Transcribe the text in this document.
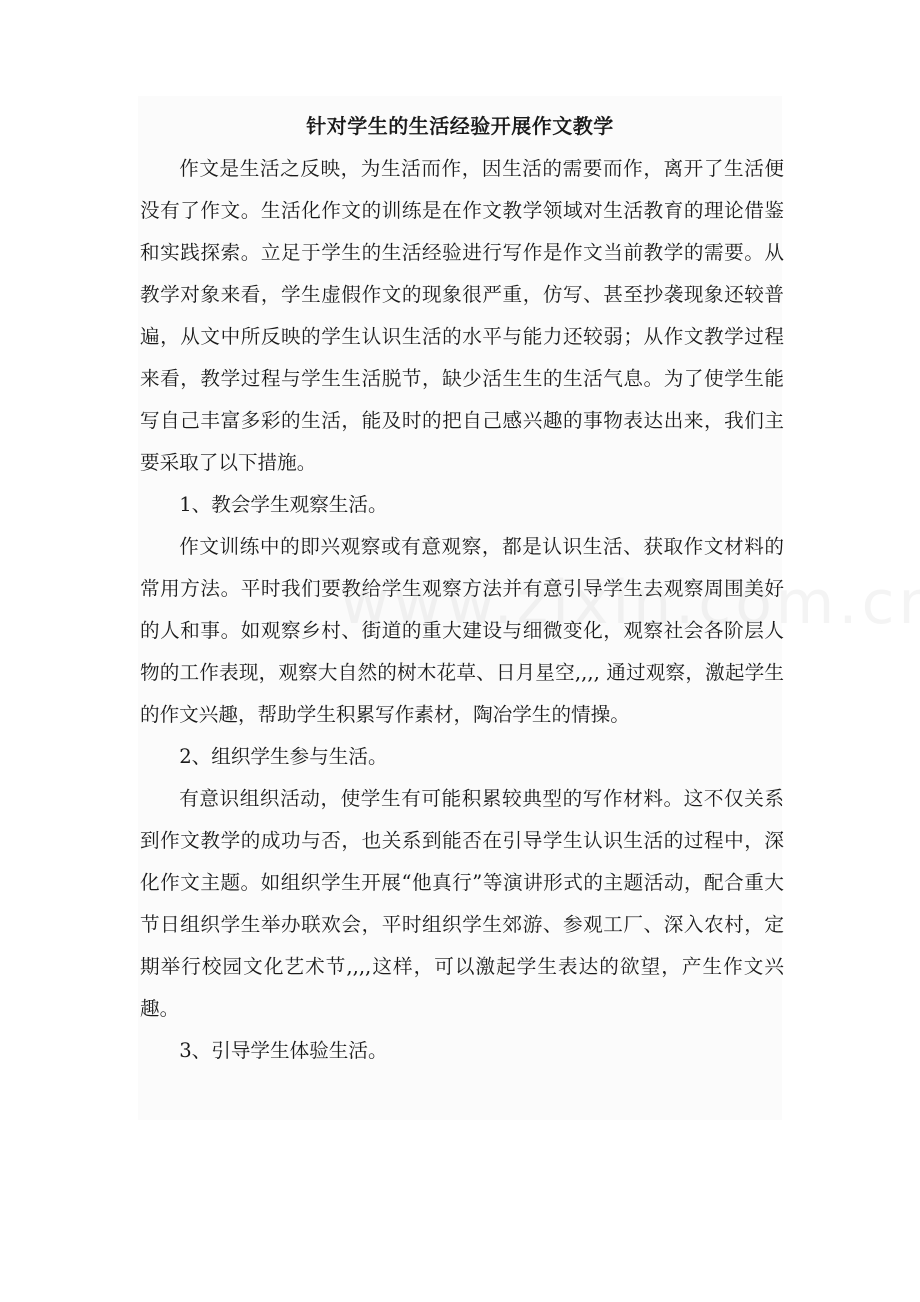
针对学生的生活经验开展作文教学

作文是生活之反映，为生活而作，因生活的需要而作，离开了生活便没有了作文。生活化作文的训练是在作文教学领域对生活教育的理论借鉴和实践探索。立足于学生的生活经验进行写作是作文当前教学的需要。从教学对象来看，学生虚假作文的现象很严重，仿写、甚至抄袭现象还较普遍，从文中所反映的学生认识生活的水平与能力还较弱；从作文教学过程来看，教学过程与学生生活脱节，缺少活生生的生活气息。为了使学生能写自己丰富多彩的生活，能及时的把自己感兴趣的事物表达出来，我们主要采取了以下措施。

1、教会学生观察生活。

作文训练中的即兴观察或有意观察，都是认识生活、获取作文材料的常用方法。平时我们要教给学生观察方法并有意引导学生去观察周围美好的人和事。如观察乡村、街道的重大建设与细微变化，观察社会各阶层人物的工作表现，观察大自然的树木花草、日月星空,,,, 通过观察，激起学生的作文兴趣，帮助学生积累写作素材，陶冶学生的情操。

2、组织学生参与生活。

有意识组织活动，使学生有可能积累较典型的写作材料。这不仅关系到作文教学的成功与否，也关系到能否在引导学生认识生活的过程中，深化作文主题。如组织学生开展“他真行”等演讲形式的主题活动，配合重大节日组织学生举办联欢会，平时组织学生郊游、参观工厂、深入农村，定期举行校园文化艺术节,,,,这样，可以激起学生表达的欲望，产生作文兴趣。

3、引导学生体验生活。
